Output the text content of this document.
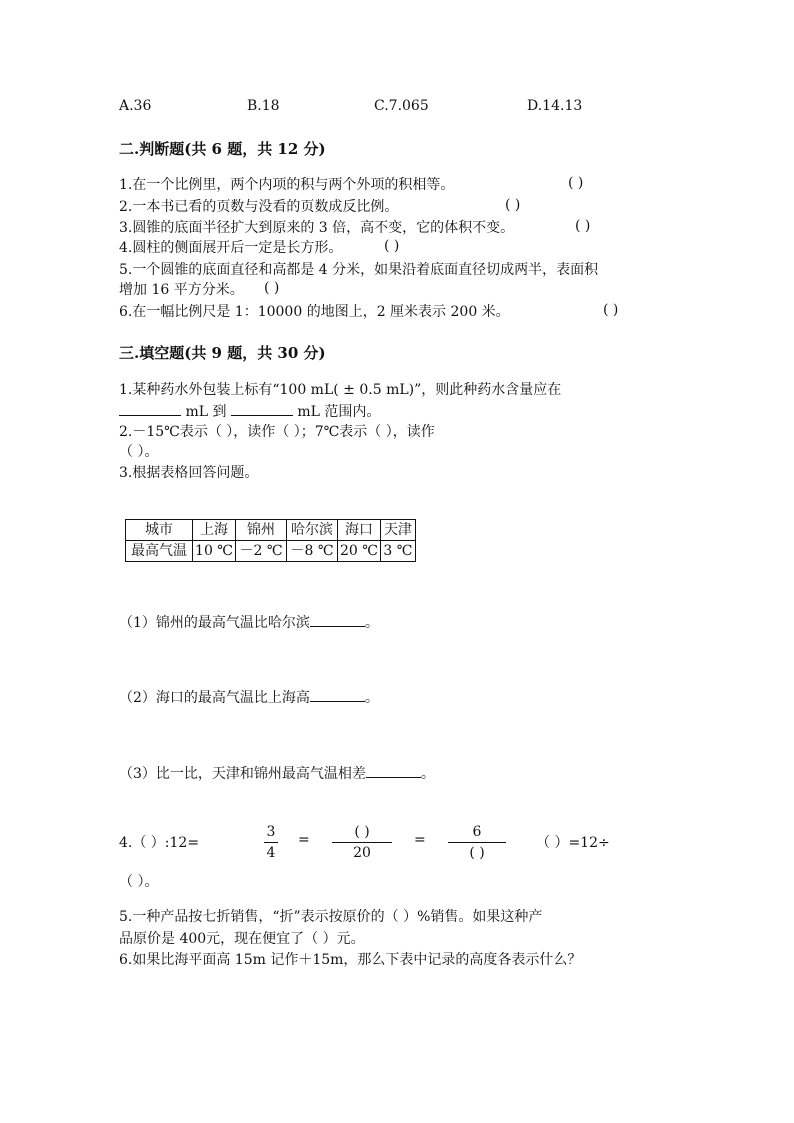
A.36	B.18	C.7.065	D.14.13
二.判断题(共 6 题，共 12 分)
1.在一个比例里，两个内项的积与两个外项的积相等。	( )
2.一本书已看的页数与没看的页数成反比例。	( )
3.圆锥的底面半径扩大到原来的 3 倍，高不变，它的体积不变。	( )
4.圆柱的侧面展开后一定是长方形。	( )
5.一个圆锥的底面直径和高都是 4 分米，如果沿着底面直径切成两半，表面积
增加 16 平方分米。 ( )
6.在一幅比例尺是 1：10000 的地图上，2 厘米表示 200 米。	( )
三.填空题(共 9 题，共 30 分)
1.某种药水外包装上标有“100 mL( ± 0.5 mL)”，则此种药水含量应在
mL 到	mL 范围内。
2.－15℃表示（ ），读作（ ）；7℃表示（ ），读作
（ ）。
3.根据表格回答问题。
城市	上海	锦州	哈尔滨	海口	天津
最高气温	10 ℃	－2 ℃	－8 ℃	20 ℃	3 ℃
（1）锦州的最高气温比哈尔滨	。
（2）海口的最高气温比上海高	。
（3）比一比，天津和锦州最高气温相差	。
4.（ ）:12=
3
4
=	( )
20
=	6
( )
（ ）=12÷
（ ）。
5.一种产品按七折销售，“折”表示按原价的（ ）%销售。如果这种产
品原价是 400元，现在便宜了（ ）元。
6.如果比海平面高 15m 记作＋15m，那么下表中记录的高度各表示什么？
